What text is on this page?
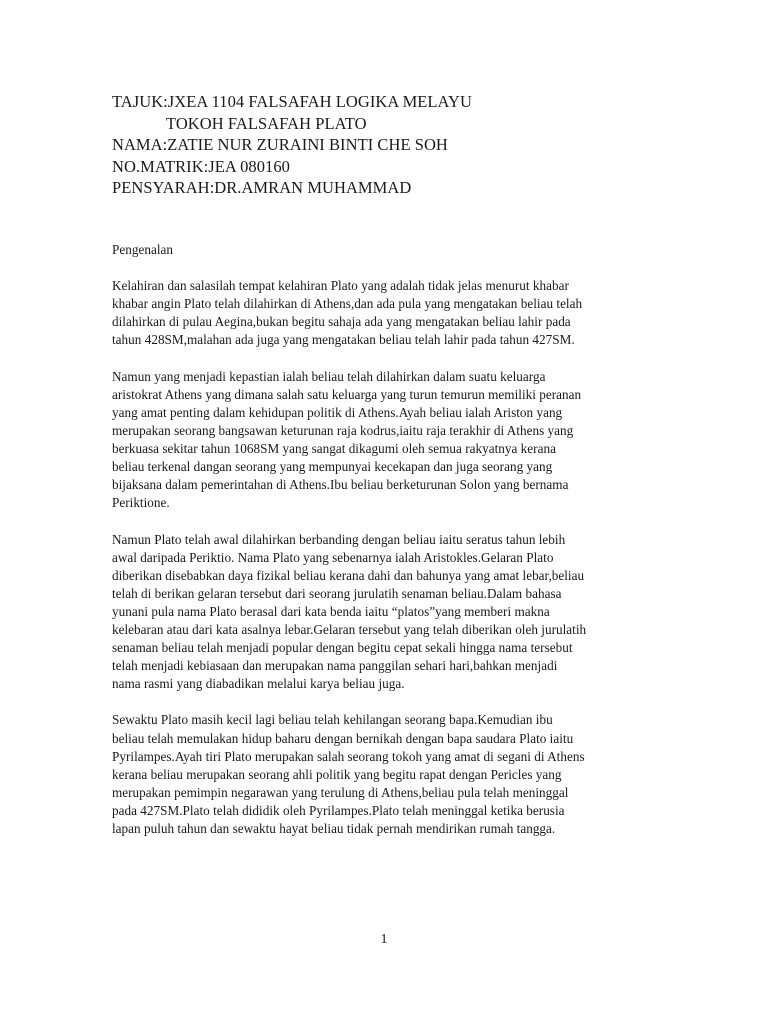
TAJUK:JXEA 1104 FALSAFAH LOGIKA MELAYU
TOKOH FALSAFAH PLATO
NAMA:ZATIE NUR ZURAINI BINTI CHE SOH
NO.MATRIK:JEA 080160
PENSYARAH:DR.AMRAN MUHAMMAD
Pengenalan
Kelahiran dan salasilah tempat kelahiran Plato yang adalah tidak jelas menurut khabar
khabar angin Plato telah dilahirkan di Athens,dan ada pula yang mengatakan beliau telah
dilahirkan di pulau Aegina,bukan begitu sahaja ada yang mengatakan beliau lahir pada
tahun 428SM,malahan ada juga yang mengatakan beliau telah lahir pada tahun 427SM.
Namun yang menjadi kepastian ialah beliau telah dilahirkan dalam suatu keluarga
aristokrat Athens yang dimana salah satu keluarga yang turun temurun memiliki peranan
yang amat penting dalam kehidupan politik di Athens.Ayah beliau ialah Ariston yang
merupakan seorang bangsawan keturunan raja kodrus,iaitu raja terakhir di Athens yang
berkuasa sekitar tahun 1068SM yang sangat dikagumi oleh semua rakyatnya kerana
beliau terkenal dangan seorang yang mempunyai kecekapan dan juga seorang yang
bijaksana dalam pemerintahan di Athens.Ibu beliau berketurunan Solon yang bernama
Periktione.
Namun Plato telah awal dilahirkan berbanding dengan beliau iaitu seratus tahun lebih
awal daripada Periktio. Nama Plato yang sebenarnya ialah Aristokles.Gelaran Plato
diberikan disebabkan daya fizikal beliau kerana dahi dan bahunya yang amat lebar,beliau
telah di berikan gelaran tersebut dari seorang jurulatih senaman beliau.Dalam bahasa
yunani pula nama Plato berasal dari kata benda iaitu “platos”yang memberi makna
kelebaran atau dari kata asalnya lebar.Gelaran tersebut yang telah diberikan oleh jurulatih
senaman beliau telah menjadi popular dengan begitu cepat sekali hingga nama tersebut
telah menjadi kebiasaan dan merupakan nama panggilan sehari hari,bahkan menjadi
nama rasmi yang diabadikan melalui karya beliau juga.
Sewaktu Plato masih kecil lagi beliau telah kehilangan seorang bapa.Kemudian ibu
beliau telah memulakan hidup baharu dengan bernikah dengan bapa saudara Plato iaitu
Pyrilampes.Ayah tiri Plato merupakan salah seorang tokoh yang amat di segani di Athens
kerana beliau merupakan seorang ahli politik yang begitu rapat dengan Pericles yang
merupakan pemimpin negarawan yang terulung di Athens,beliau pula telah meninggal
pada 427SM.Plato telah dididik oleh Pyrilampes.Plato telah meninggal ketika berusia
lapan puluh tahun dan sewaktu hayat beliau tidak pernah mendirikan rumah tangga.
1
